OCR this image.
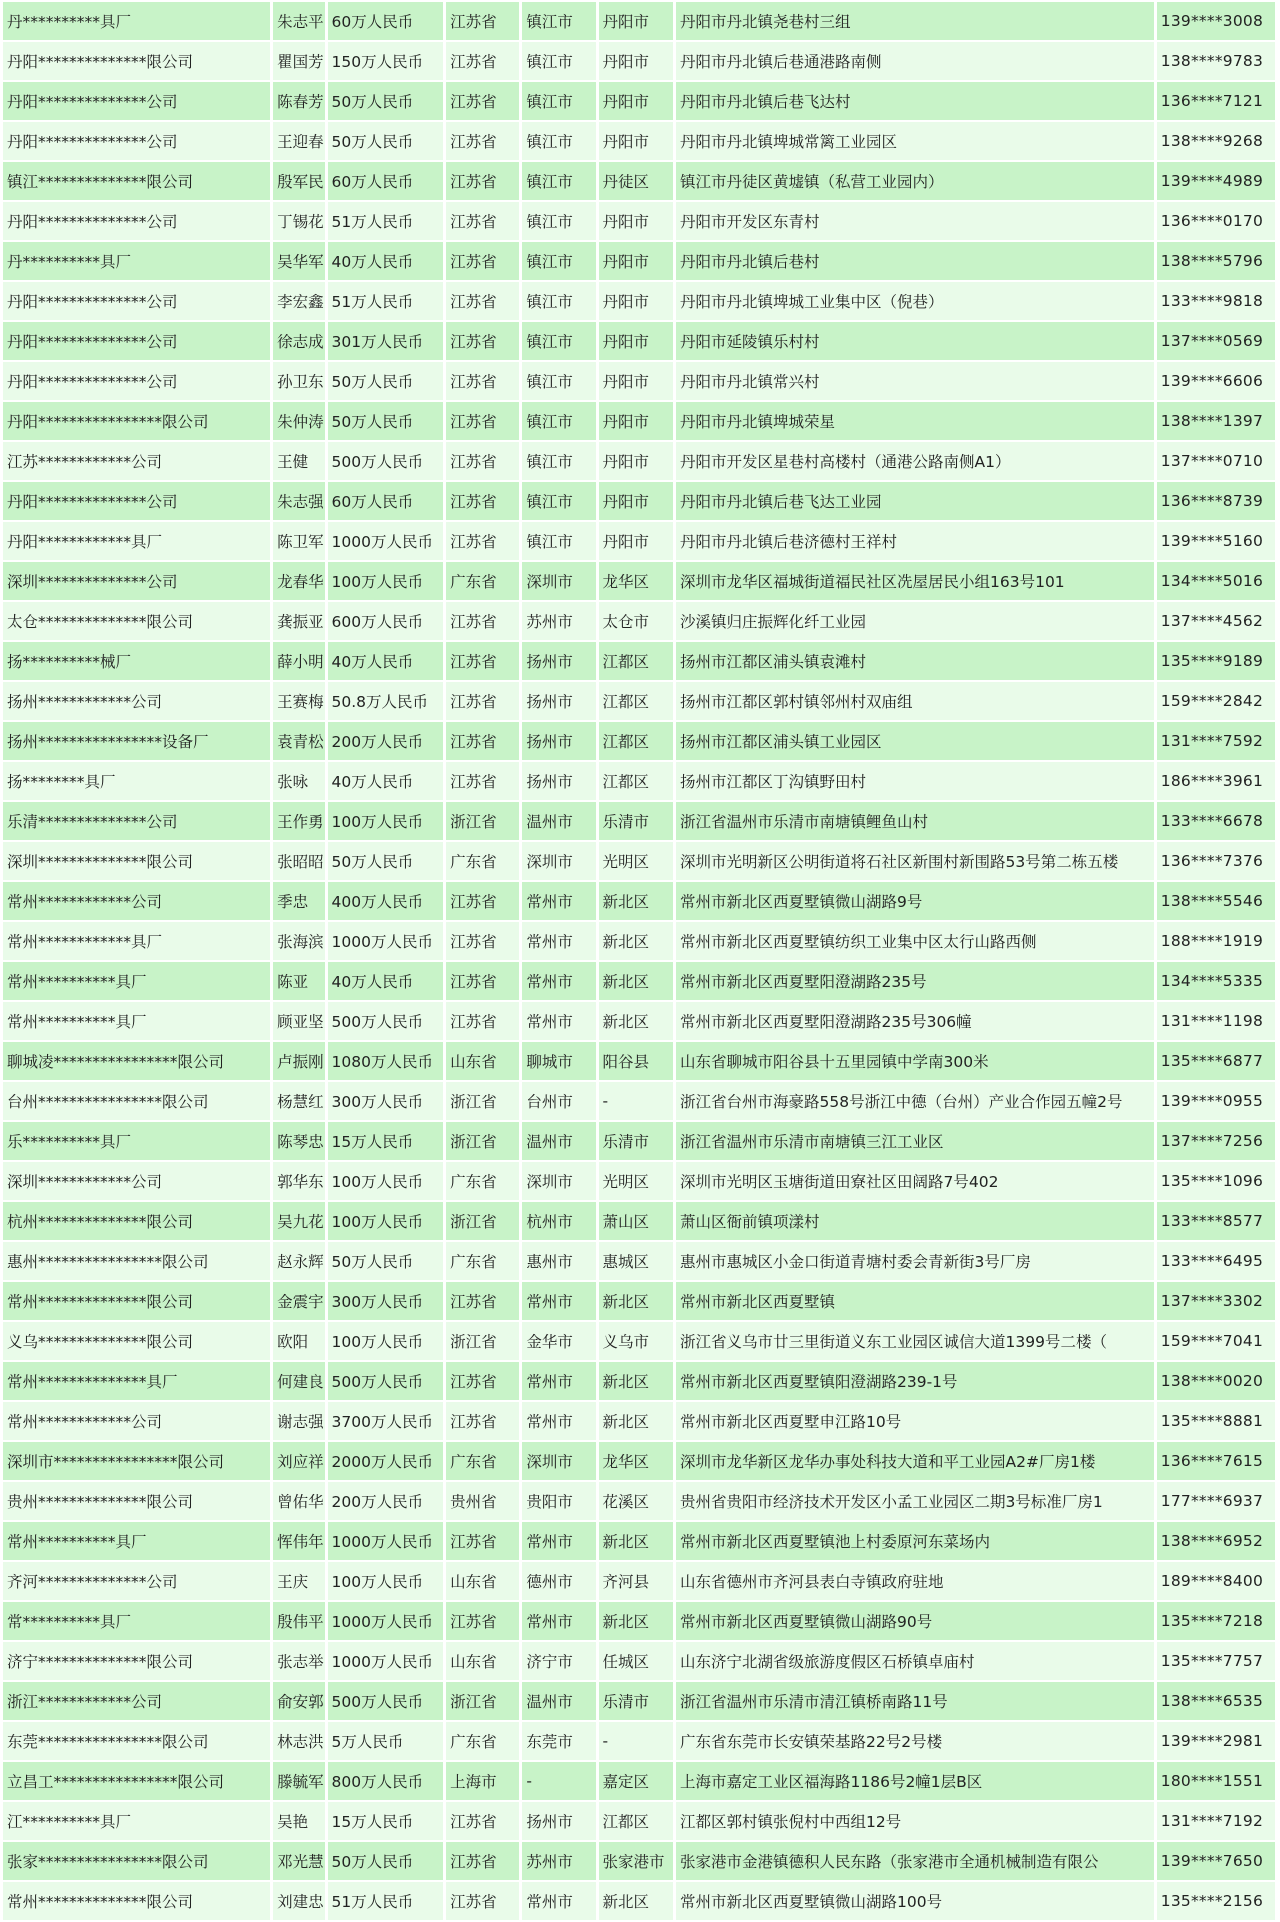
丹**********具厂	朱志平	60万人民币	江苏省	镇江市	丹阳市	丹阳市丹北镇尧巷村三组	139****3008
丹阳**************限公司	瞿国芳	150万人民币	江苏省	镇江市	丹阳市	丹阳市丹北镇后巷通港路南侧	138****9783
丹阳**************公司	陈春芳	50万人民币	江苏省	镇江市	丹阳市	丹阳市丹北镇后巷飞达村	136****7121
丹阳**************公司	王迎春	50万人民币	江苏省	镇江市	丹阳市	丹阳市丹北镇埤城常篱工业园区	138****9268
镇江**************限公司	殷军民	60万人民币	江苏省	镇江市	丹徒区	镇江市丹徒区黄墟镇（私营工业园内）	139****4989
丹阳**************公司	丁锡花	51万人民币	江苏省	镇江市	丹阳市	丹阳市开发区东青村	136****0170
丹**********具厂	吴华军	40万人民币	江苏省	镇江市	丹阳市	丹阳市丹北镇后巷村	138****5796
丹阳**************公司	李宏鑫	51万人民币	江苏省	镇江市	丹阳市	丹阳市丹北镇埤城工业集中区（倪巷）	133****9818
丹阳**************公司	徐志成	301万人民币	江苏省	镇江市	丹阳市	丹阳市延陵镇乐村村	137****0569
丹阳**************公司	孙卫东	50万人民币	江苏省	镇江市	丹阳市	丹阳市丹北镇常兴村	139****6606
丹阳****************限公司	朱仲涛	50万人民币	江苏省	镇江市	丹阳市	丹阳市丹北镇埤城荣星	138****1397
江苏************公司	王健	500万人民币	江苏省	镇江市	丹阳市	丹阳市开发区星巷村高楼村（通港公路南侧A1）	137****0710
丹阳**************公司	朱志强	60万人民币	江苏省	镇江市	丹阳市	丹阳市丹北镇后巷飞达工业园	136****8739
丹阳************具厂	陈卫军	1000万人民币	江苏省	镇江市	丹阳市	丹阳市丹北镇后巷济德村王祥村	139****5160
深圳**************公司	龙春华	100万人民币	广东省	深圳市	龙华区	深圳市龙华区福城街道福民社区冼屋居民小组163号101	134****5016
太仓**************限公司	龚振亚	600万人民币	江苏省	苏州市	太仓市	沙溪镇归庄振辉化纤工业园	137****4562
扬**********械厂	薛小明	40万人民币	江苏省	扬州市	江都区	扬州市江都区浦头镇袁滩村	135****9189
扬州************公司	王赛梅	50.8万人民币	江苏省	扬州市	江都区	扬州市江都区郭村镇邻州村双庙组	159****2842
扬州****************设备厂	袁青松	200万人民币	江苏省	扬州市	江都区	扬州市江都区浦头镇工业园区	131****7592
扬********具厂	张咏	40万人民币	江苏省	扬州市	江都区	扬州市江都区丁沟镇野田村	186****3961
乐清**************公司	王作勇	100万人民币	浙江省	温州市	乐清市	浙江省温州市乐清市南塘镇鲤鱼山村	133****6678
深圳**************限公司	张昭昭	50万人民币	广东省	深圳市	光明区	深圳市光明新区公明街道将石社区新围村新围路53号第二栋五楼	136****7376
常州************公司	季忠	400万人民币	江苏省	常州市	新北区	常州市新北区西夏墅镇微山湖路9号	138****5546
常州************具厂	张海滨	1000万人民币	江苏省	常州市	新北区	常州市新北区西夏墅镇纺织工业集中区太行山路西侧	188****1919
常州**********具厂	陈亚	40万人民币	江苏省	常州市	新北区	常州市新北区西夏墅阳澄湖路235号	134****5335
常州**********具厂	顾亚坚	500万人民币	江苏省	常州市	新北区	常州市新北区西夏墅阳澄湖路235号306幢	131****1198
聊城凌****************限公司	卢振刚	1080万人民币	山东省	聊城市	阳谷县	山东省聊城市阳谷县十五里园镇中学南300米	135****6877
台州****************限公司	杨慧红	300万人民币	浙江省	台州市	-	浙江省台州市海豪路558号浙江中德（台州）产业合作园五幢2号	139****0955
乐**********具厂	陈琴忠	15万人民币	浙江省	温州市	乐清市	浙江省温州市乐清市南塘镇三江工业区	137****7256
深圳************公司	郭华东	100万人民币	广东省	深圳市	光明区	深圳市光明区玉塘街道田寮社区田阔路7号402	135****1096
杭州**************限公司	吴九花	100万人民币	浙江省	杭州市	萧山区	萧山区衙前镇项漾村	133****8577
惠州****************限公司	赵永辉	50万人民币	广东省	惠州市	惠城区	惠州市惠城区小金口街道青塘村委会青新街3号厂房	133****6495
常州**************限公司	金震宇	300万人民币	江苏省	常州市	新北区	常州市新北区西夏墅镇	137****3302
义乌**************限公司	欧阳	100万人民币	浙江省	金华市	义乌市	浙江省义乌市廿三里街道义东工业园区诚信大道1399号二楼（	159****7041
常州**************具厂	何建良	500万人民币	江苏省	常州市	新北区	常州市新北区西夏墅镇阳澄湖路239-1号	138****0020
常州************公司	谢志强	3700万人民币	江苏省	常州市	新北区	常州市新北区西夏墅申江路10号	135****8881
深圳市****************限公司	刘应祥	2000万人民币	广东省	深圳市	龙华区	深圳市龙华新区龙华办事处科技大道和平工业园A2#厂房1楼	136****7615
贵州**************限公司	曾佑华	200万人民币	贵州省	贵阳市	花溪区	贵州省贵阳市经济技术开发区小孟工业园区二期3号标准厂房1	177****6937
常州**********具厂	恽伟年	1000万人民币	江苏省	常州市	新北区	常州市新北区西夏墅镇池上村委原河东菜场内	138****6952
齐河**************公司	王庆	100万人民币	山东省	德州市	齐河县	山东省德州市齐河县表白寺镇政府驻地	189****8400
常**********具厂	殷伟平	1000万人民币	江苏省	常州市	新北区	常州市新北区西夏墅镇微山湖路90号	135****7218
济宁**************限公司	张志举	1000万人民币	山东省	济宁市	任城区	山东济宁北湖省级旅游度假区石桥镇卓庙村	135****7757
浙江************公司	俞安郭	500万人民币	浙江省	温州市	乐清市	浙江省温州市乐清市清江镇桥南路11号	138****6535
东莞****************限公司	林志洪	5万人民币	广东省	东莞市	-	广东省东莞市长安镇荣基路22号2号楼	139****2981
立昌工****************限公司	滕毓军	800万人民币	上海市	-	嘉定区	上海市嘉定工业区福海路1186号2幢1层B区	180****1551
江**********具厂	吴艳	15万人民币	江苏省	扬州市	江都区	江都区郭村镇张倪村中西组12号	131****7192
张家****************限公司	邓光慧	50万人民币	江苏省	苏州市	张家港市	张家港市金港镇德积人民东路（张家港市全通机械制造有限公	139****7650
常州**************限公司	刘建忠	51万人民币	江苏省	常州市	新北区	常州市新北区西夏墅镇微山湖路100号	135****2156
